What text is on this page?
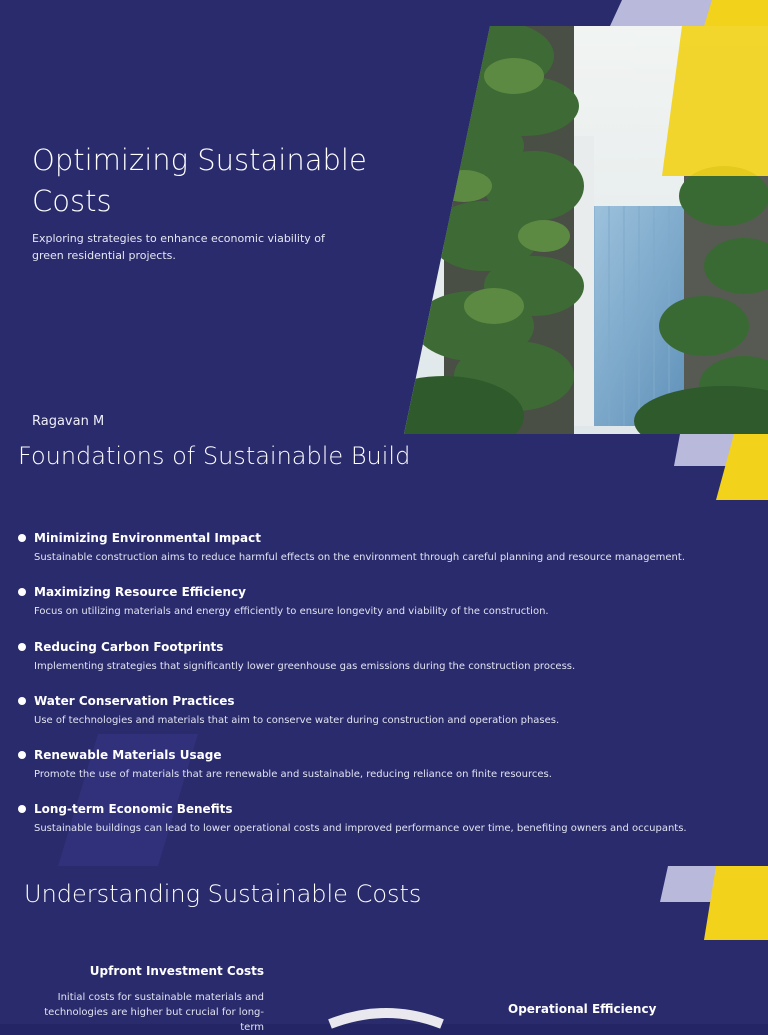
Optimizing Sustainable Costs

Exploring strategies to enhance economic viability of green residential projects.

Ragavan M
Foundations of Sustainable Build
Minimizing Environmental Impact
Sustainable construction aims to reduce harmful effects on the environment through careful planning and resource management.
Maximizing Resource Efficiency
Focus on utilizing materials and energy efficiently to ensure longevity and viability of the construction.
Reducing Carbon Footprints
Implementing strategies that significantly lower greenhouse gas emissions during the construction process.
Water Conservation Practices
Use of technologies and materials that aim to conserve water during construction and operation phases.
Renewable Materials Usage
Promote the use of materials that are renewable and sustainable, reducing reliance on finite resources.
Long-term Economic Benefits
Sustainable buildings can lead to lower operational costs and improved performance over time, benefiting owners and occupants.
Understanding Sustainable Costs
Upfront Investment Costs
Initial costs for sustainable materials and technologies are higher but crucial for long-term
Operational Efficiency
